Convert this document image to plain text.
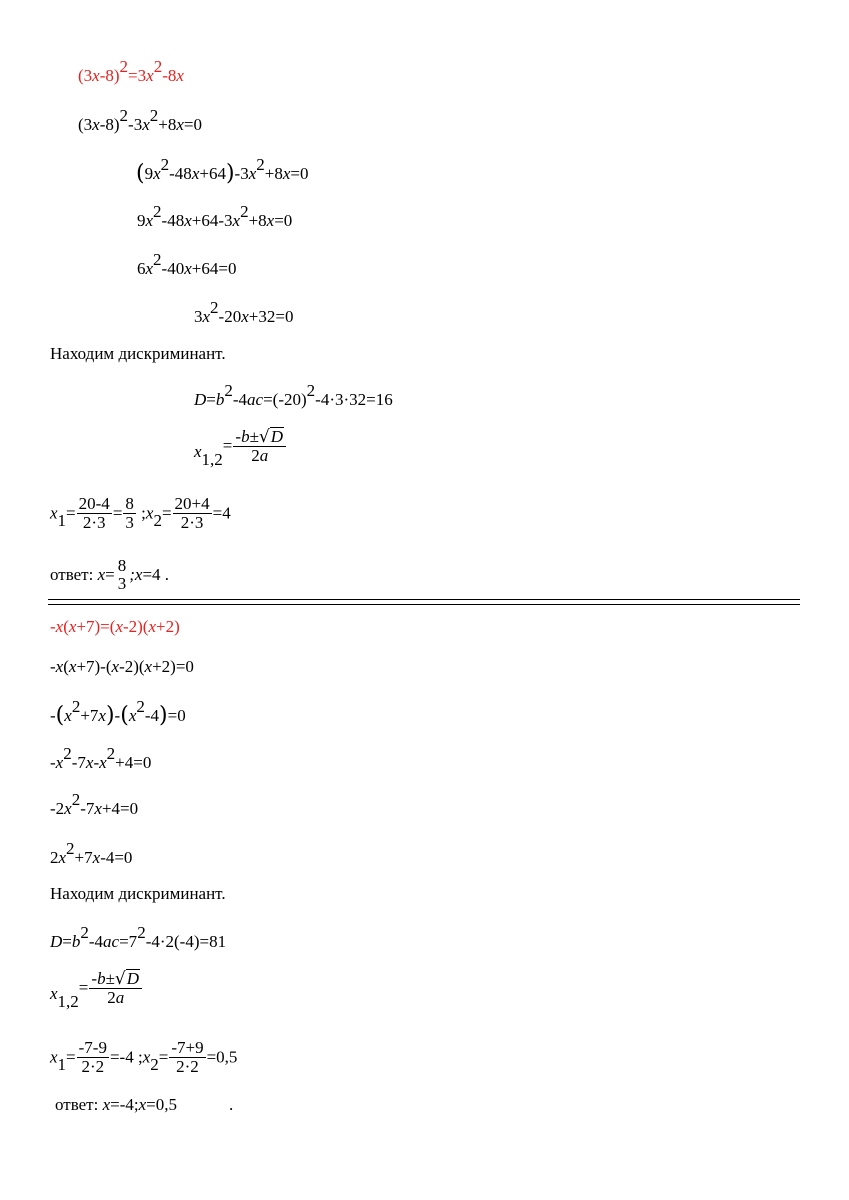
(3x-8)2=3x2-8x
(3x-8)2-3x2+8x=0
(9x2-48x+64)-3x2+8x=0
9x2-48x+64-3x2+8x=0
6x2-40x+64=0
3x2-20x+32=0
Находим дискриминант.
D=b2-4ac=(-20)2-4·3·32=16
$x1,2= \frac{-b\pm√D}{2a}$
$x1= \frac{20-4}{2\cdot 3} = \frac{8}{3}$ ;x2= $\frac{20+4}{2\cdot 3} =4$
ответ: x= 8
3 ;x=4 .
-x(x+7)=(x-2)(x+2)
-x(x+7)-(x-2)(x+2)=0
-(x2+7x)-(x2-4)=0
-x2-7x-x2+4=0
-2x2-7x+4=0
2x2+7x-4=0
Находим дискриминант.
D=b2-4ac=72-4·2(-4)=81
$x1,2= \frac{-b\pm√D}{2a}$
$x1= \frac{-7-9}{2\cdot 2} =-4$ ;x2= $\frac{-7+9}{2\cdot 2} =0,5$
ответ: x=-4;x=0,5	.
